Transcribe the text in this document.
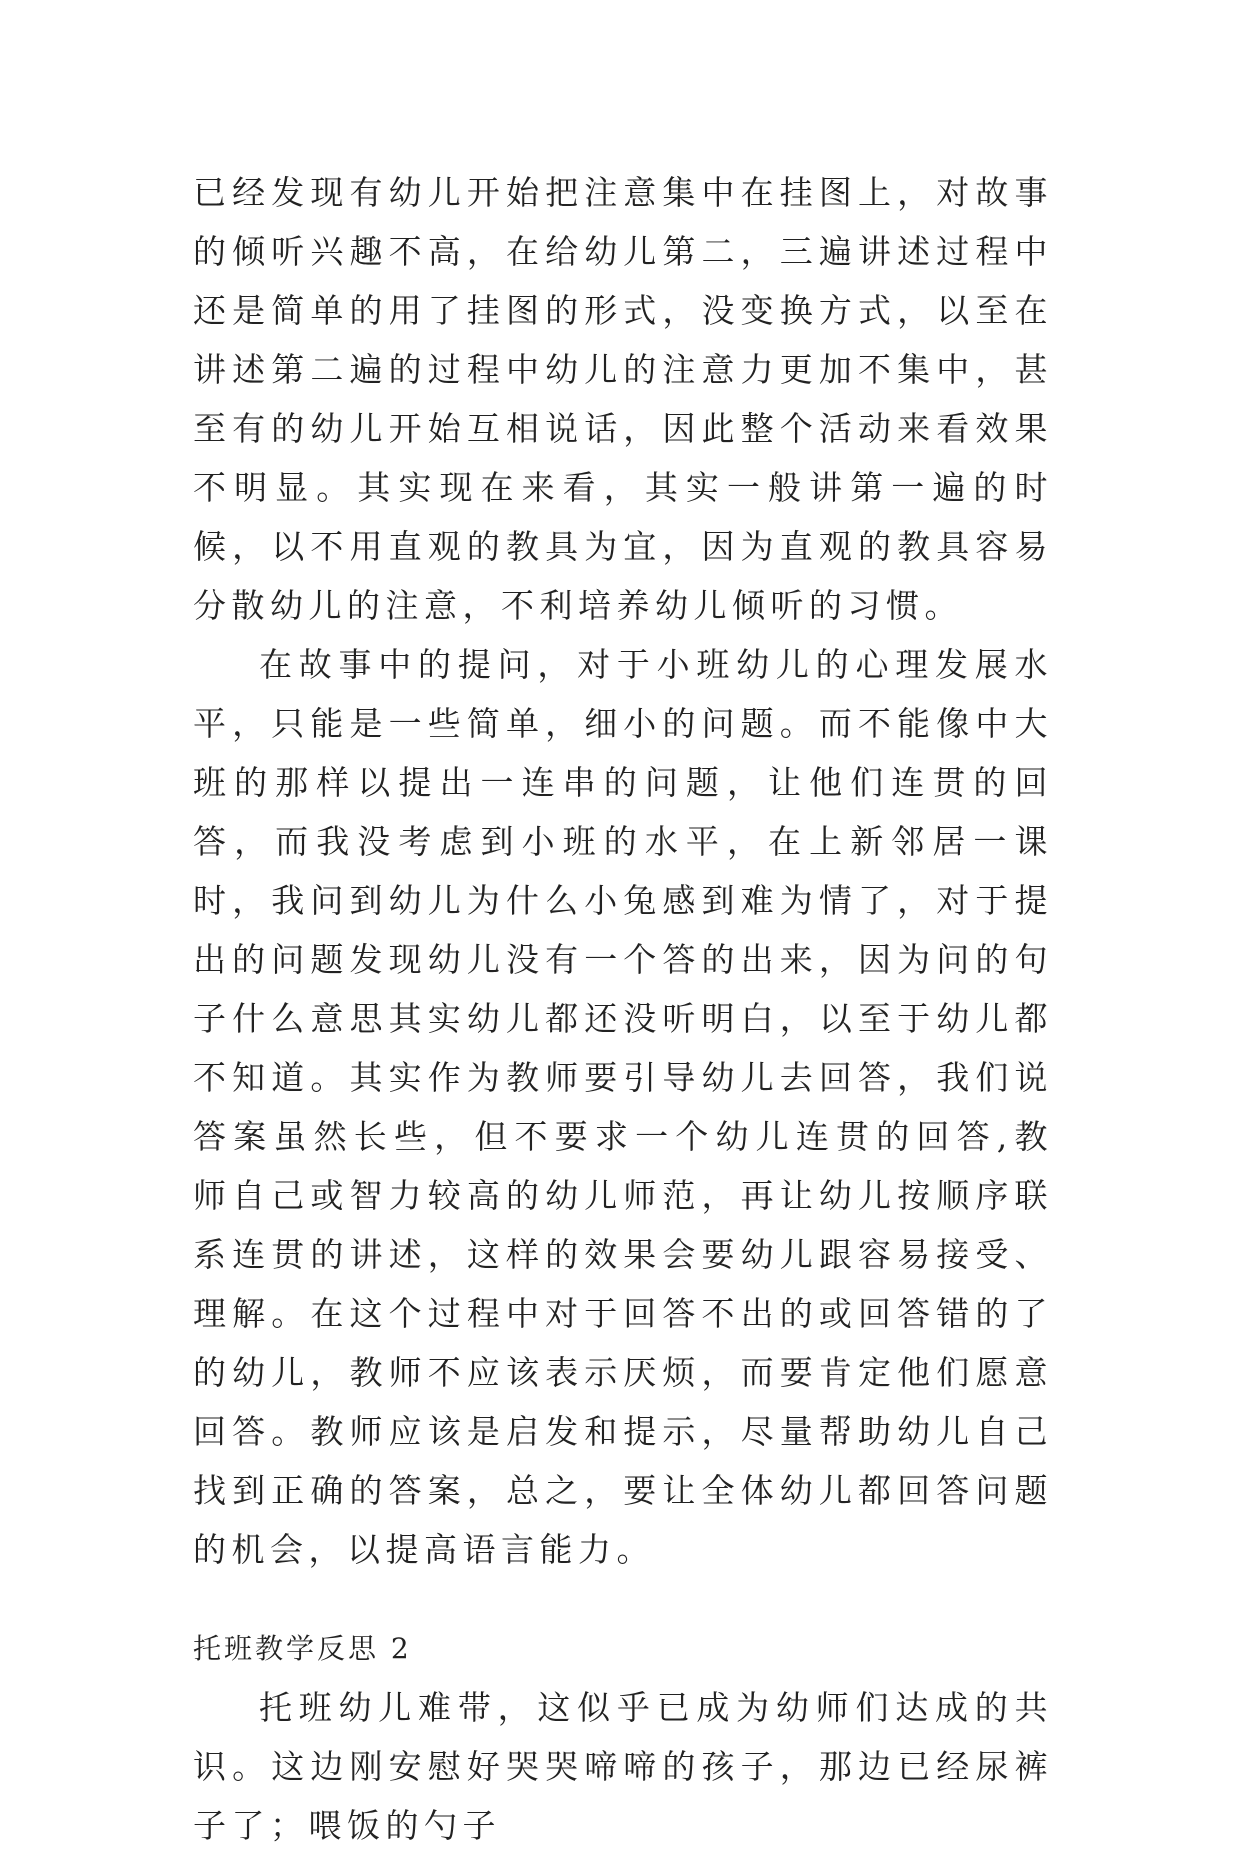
已经发现有幼儿开始把注意集中在挂图上，对故事的倾听兴趣不高，在给幼儿第二，三遍讲述过程中还是简单的用了挂图的形式，没变换方式，以至在讲述第二遍的过程中幼儿的注意力更加不集中，甚至有的幼儿开始互相说话，因此整个活动来看效果不明显。其实现在来看，其实一般讲第一遍的时候，以不用直观的教具为宜，因为直观的教具容易分散幼儿的注意，不利培养幼儿倾听的习惯。

在故事中的提问，对于小班幼儿的心理发展水平，只能是一些简单，细小的问题。而不能像中大班的那样以提出一连串的问题，让他们连贯的回答，而我没考虑到小班的水平，在上新邻居一课时，我问到幼儿为什么小兔感到难为情了，对于提出的问题发现幼儿没有一个答的出来，因为问的句子什么意思其实幼儿都还没听明白，以至于幼儿都不知道。其实作为教师要引导幼儿去回答，我们说答案虽然长些，但不要求一个幼儿连贯的回答,教师自己或智力较高的幼儿师范，再让幼儿按顺序联系连贯的讲述，这样的效果会要幼儿跟容易接受、理解。在这个过程中对于回答不出的或回答错的了的幼儿，教师不应该表示厌烦，而要肯定他们愿意回答。教师应该是启发和提示，尽量帮助幼儿自己找到正确的答案，总之，要让全体幼儿都回答问题的机会，以提高语言能力。

托班教学反思 2

托班幼儿难带，这似乎已成为幼师们达成的共识。这边刚安慰好哭哭啼啼的孩子，那边已经尿裤子了；喂饭的勺子
